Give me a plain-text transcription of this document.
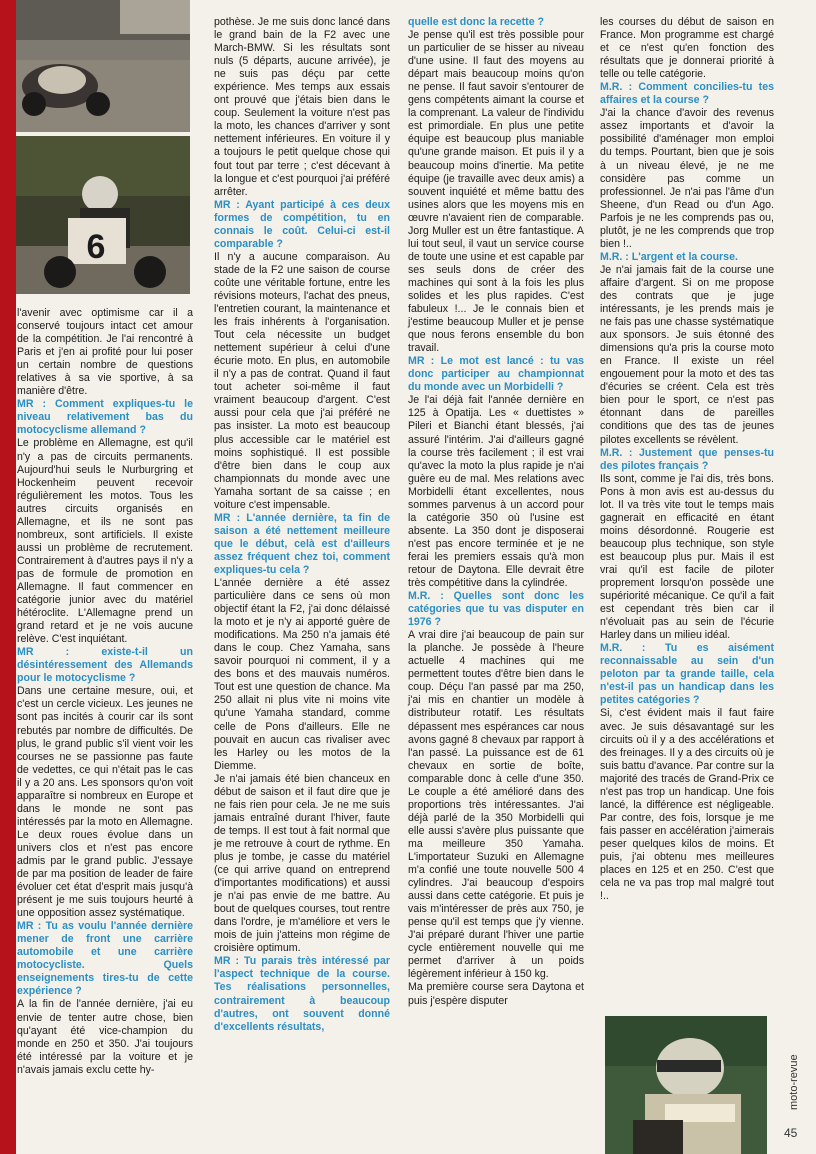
6

l'avenir avec optimisme car il a conservé toujours intact cet amour de la compétition. Je l'ai rencontré à Paris et j'en ai profité pour lui poser un certain nombre de questions relatives à sa vie sportive, à sa manière d'être.

MR : Comment expliques-tu le niveau relativement bas du motocyclisme allemand ?

Le problème en Allemagne, est qu'il n'y a pas de circuits permanents. Aujourd'hui seuls le Nurburgring et Hockenheim peuvent recevoir régulièrement les motos. Tous les autres circuits organisés en Allemagne, et ils ne sont pas nombreux, sont artificiels. Il existe aussi un problème de recrutement. Contrairement à d'autres pays il n'y a pas de formule de promotion en Allemagne. Il faut commencer en catégorie junior avec du matériel hétéroclite. L'Allemagne prend un grand retard et je ne vois aucune relève. C'est inquiétant.

MR : existe-t-il un désintéressement des Allemands pour le motocyclisme ?

Dans une certaine mesure, oui, et c'est un cercle vicieux. Les jeunes ne sont pas incités à courir car ils sont rebutés par nombre de difficultés. De plus, le grand public s'il vient voir les courses ne se passionne pas faute de vedettes, ce qui n'était pas le cas il y a 20 ans. Les sponsors qu'on voit apparaître si nombreux en Europe et dans le monde ne sont pas intéressés par la moto en Allemagne. Le deux roues évolue dans un univers clos et n'est pas encore admis par le grand public. J'essaye de par ma position de leader de faire évoluer cet état d'esprit mais jusqu'à présent je me suis toujours heurté à une opposition assez systématique.

MR : Tu as voulu l'année dernière mener de front une carrière automobile et une carrière motocycliste. Quels enseignements tires-tu de cette expérience ?

A la fin de l'année dernière, j'ai eu envie de tenter autre chose, bien qu'ayant été vice-champion du monde en 250 et 350. J'ai toujours été intéressé par la voiture et je n'avais jamais exclu cette hy-

pothèse. Je me suis donc lancé dans le grand bain de la F2 avec une March-BMW. Si les résultats sont nuls (5 départs, aucune arrivée), je ne suis pas déçu par cette expérience. Mes temps aux essais ont prouvé que j'étais bien dans le coup. Seulement la voiture n'est pas la moto, les chances d'arriver y sont nettement inférieures. En voiture il y a toujours le petit quelque chose qui fout tout par terre ; c'est décevant à la longue et c'est pourquoi j'ai préféré arrêter.

MR : Ayant participé à ces deux formes de compétition, tu en connais le coût. Celui-ci est-il comparable ?

Il n'y a aucune comparaison. Au stade de la F2 une saison de course coûte une véritable fortune, entre les révisions moteurs, l'achat des pneus, l'entretien courant, la maintenance et les frais inhérents à l'organisation. Tout cela nécessite un budget nettement supérieur à celui d'une écurie moto. En plus, en automobile il n'y a pas de contrat. Quand il faut tout acheter soi-même il faut vraiment beaucoup d'argent. C'est aussi pour cela que j'ai préféré ne pas insister. La moto est beaucoup plus accessible car le matériel est moins sophistiqué. Il est possible d'être bien dans le coup aux championnats du monde avec une Yamaha sortant de sa caisse ; en voiture c'est impensable.

MR : L'année dernière, ta fin de saison a été nettement meilleure que le début, celà est d'ailleurs assez fréquent chez toi, comment expliques-tu cela ?

L'année dernière a été assez particulière dans ce sens où mon objectif étant la F2, j'ai donc délaissé la moto et je n'y ai apporté guère de modifications. Ma 250 n'a jamais été dans le coup. Chez Yamaha, sans savoir pourquoi ni comment, il y a des bons et des mauvais numéros. Tout est une question de chance. Ma 250 allait ni plus vite ni moins vite qu'une Yamaha standard, comme celle de Pons d'ailleurs. Elle ne pouvait en aucun cas rivaliser avec les Harley ou les motos de la Diemme.

Je n'ai jamais été bien chanceux en début de saison et il faut dire que je ne fais rien pour cela. Je ne me suis jamais entraîné durant l'hiver, faute de temps. Il est tout à fait normal que je me retrouve à court de rythme. En plus je tombe, je casse du matériel (ce qui arrive quand on entreprend d'importantes modifications) et aussi je n'ai pas envie de me battre. Au bout de quelques courses, tout rentre dans l'ordre, je m'améliore et vers le mois de juin j'atteins mon régime de croisière optimum.

MR : Tu parais très intéressé par l'aspect technique de la course. Tes réalisations personnelles, contrairement à beaucoup d'autres, ont souvent donné d'excellents résultats,

quelle est donc la recette ?

Je pense qu'il est très possible pour un particulier de se hisser au niveau d'une usine. Il faut des moyens au départ mais beaucoup moins qu'on ne pense. Il faut savoir s'entourer de gens compétents aimant la course et la comprenant. La valeur de l'individu est primordiale. En plus une petite équipe est beaucoup plus maniable qu'une grande maison. Et puis il y a beaucoup moins d'inertie. Ma petite équipe (je travaille avec deux amis) a souvent inquiété et même battu des usines alors que les moyens mis en œuvre n'avaient rien de comparable. Jorg Muller est un être fantastique. A lui tout seul, il vaut un service course de toute une usine et est capable par ses seuls dons de créer des machines qui sont à la fois les plus solides et les plus rapides. C'est fabuleux !... Je le connais bien et j'estime beaucoup Muller et je pense que nous ferons ensemble du bon travail.

MR : Le mot est lancé : tu vas donc participer au championnat du monde avec un Morbidelli ?

Je l'ai déjà fait l'année dernière en 125 à Opatija. Les « duettistes » Pileri et Bianchi étant blessés, j'ai assuré l'intérim. J'ai d'ailleurs gagné la course très facilement ; il est vrai qu'avec la moto la plus rapide je n'ai guère eu de mal. Mes relations avec Morbidelli étant excellentes, nous sommes parvenus à un accord pour la catégorie 350 où l'usine est absente. La 350 dont je disposerai n'est pas encore terminée et je ne ferai les premiers essais qu'à mon retour de Daytona. Elle devrait être très compétitive dans la cylindrée.

M.R. : Quelles sont donc les catégories que tu vas disputer en 1976 ?

A vrai dire j'ai beaucoup de pain sur la planche. Je possède à l'heure actuelle 4 machines qui me permettent toutes d'être bien dans le coup. Déçu l'an passé par ma 250, j'ai mis en chantier un modèle à distributeur rotatif. Les résultats dépassent mes espérances car nous avons gagné 8 chevaux par rapport à l'an passé. La puissance est de 61 chevaux en sortie de boîte, comparable donc à celle d'une 350. Le couple a été amélioré dans des proportions très intéressantes. J'ai déjà parlé de la 350 Morbidelli qui elle aussi s'avère plus puissante que ma meilleure 350 Yamaha. L'importateur Suzuki en Allemagne m'a confié une toute nouvelle 500 4 cylindres. J'ai beaucoup d'espoirs aussi dans cette catégorie. Et puis je vais m'intéresser de près aux 750, je pense qu'il est temps que j'y vienne. J'ai préparé durant l'hiver une partie cycle entièrement nouvelle qui me permet d'arriver à un poids légèrement inférieur à 150 kg.

Ma première course sera Daytona et puis j'espère disputer

les courses du début de saison en France. Mon programme est chargé et ce n'est qu'en fonction des résultats que je donnerai priorité à telle ou telle catégorie.

M.R. : Comment concilies-tu tes affaires et la course ?

J'ai la chance d'avoir des revenus assez importants et d'avoir la possibilité d'aménager mon emploi du temps. Pourtant, bien que je sois à un niveau élevé, je ne me considère pas comme un professionnel. Je n'ai pas l'âme d'un Sheene, d'un Read ou d'un Ago. Parfois je ne les comprends pas ou, plutôt, je ne les comprends que trop bien !..

M.R. : L'argent et la course.

Je n'ai jamais fait de la course une affaire d'argent. Si on me propose des contrats que je juge intéressants, je les prends mais je ne fais pas une chasse systématique aux sponsors. Je suis étonné des dimensions qu'a pris la course moto en France. Il existe un réel engouement pour la moto et des tas d'écuries se créent. Cela est très bien pour le sport, ce n'est pas étonnant dans de pareilles conditions que des tas de jeunes pilotes excellents se révèlent.

M.R. : Justement que penses-tu des pilotes français ?

Ils sont, comme je l'ai dis, très bons. Pons à mon avis est au-dessus du lot. Il va très vite tout le temps mais gagnerait en efficacité en étant moins désordonné. Rougerie est beaucoup plus technique, son style est beaucoup plus pur. Mais il est vrai qu'il est facile de piloter proprement lorsqu'on possède une supériorité mécanique. Ce qu'il a fait est cependant très bien car il n'évoluait pas au sein de l'écurie Harley dans un milieu idéal.

M.R. : Tu es aisément reconnaissable au sein d'un peloton par ta grande taille, cela n'est-il pas un handicap dans les petites catégories ?

Si, c'est évident mais il faut faire avec. Je suis désavantagé sur les circuits où il y a des accélérations et des freinages. Il y a des circuits où je suis battu d'avance. Par contre sur la majorité des tracés de Grand-Prix ce n'est pas trop un handicap. Une fois lancé, la différence est négligeable. Par contre, des fois, lorsque je me fais passer en accélération j'aimerais peser quelques kilos de moins. Et puis, j'ai obtenu mes meilleures places en 125 et en 250. C'est que cela ne va pas trop mal malgré tout !..

moto-revue
45
